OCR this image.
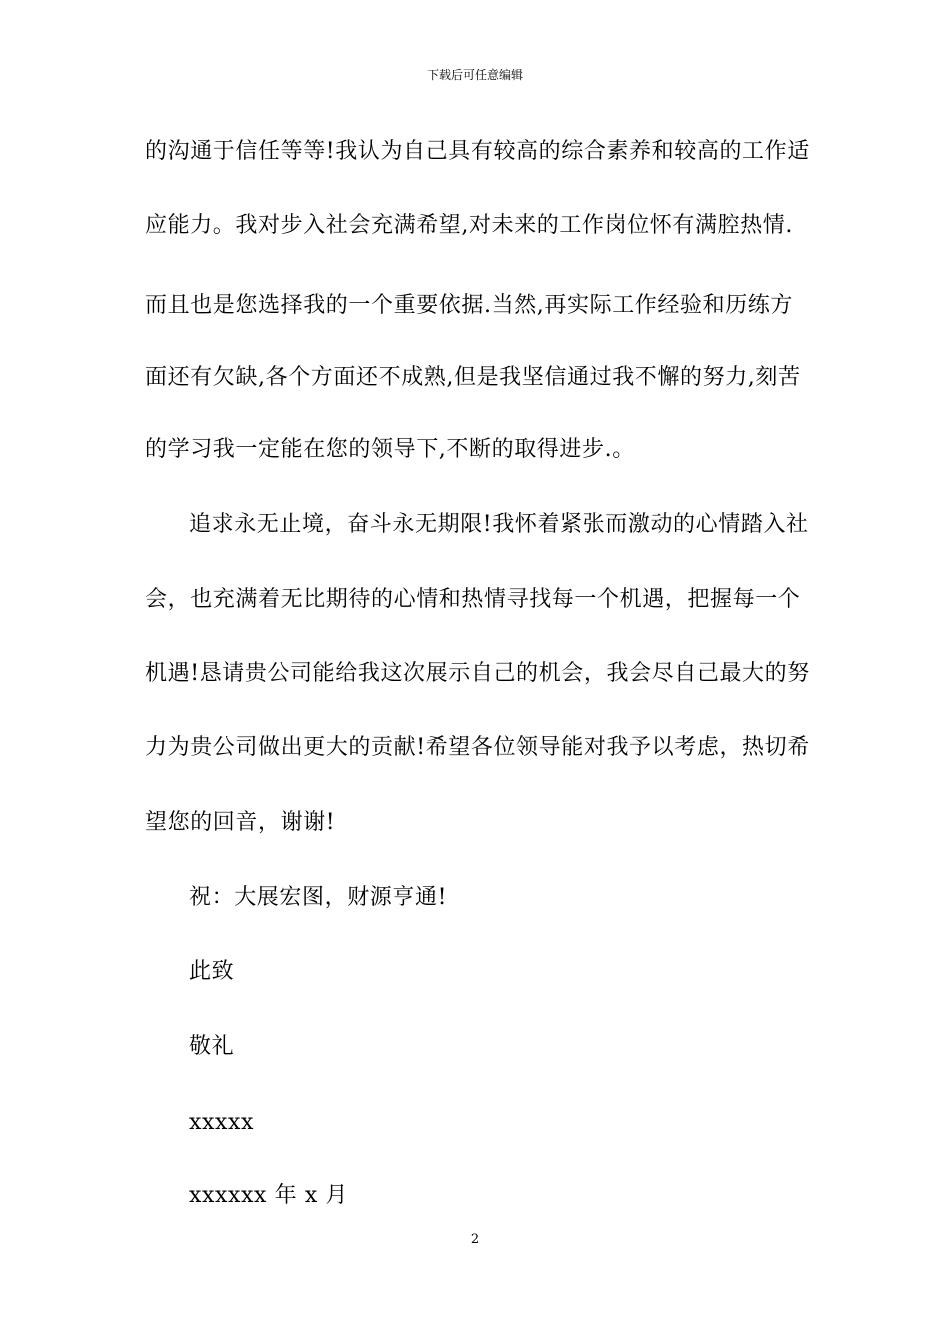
下载后可任意编辑
的沟通于信任等等!我认为自己具有较高的综合素养和较高的工作适
应能力。我对步入社会充满希望,对未来的工作岗位怀有满腔热情.
而且也是您选择我的一个重要依据.当然,再实际工作经验和历练方
面还有欠缺,各个方面还不成熟,但是我坚信通过我不懈的努力,刻苦
的学习我一定能在您的领导下,不断的取得进步.。
追求永无止境，奋斗永无期限!我怀着紧张而激动的心情踏入社
会，也充满着无比期待的心情和热情寻找每一个机遇，把握每一个
机遇!恳请贵公司能给我这次展示自己的机会，我会尽自己最大的努
力为贵公司做出更大的贡献!希望各位领导能对我予以考虑，热切希
望您的回音，谢谢!
祝：大展宏图，财源亨通!
此致
敬礼
xxxxx
xxxxxx 年 x 月
2
